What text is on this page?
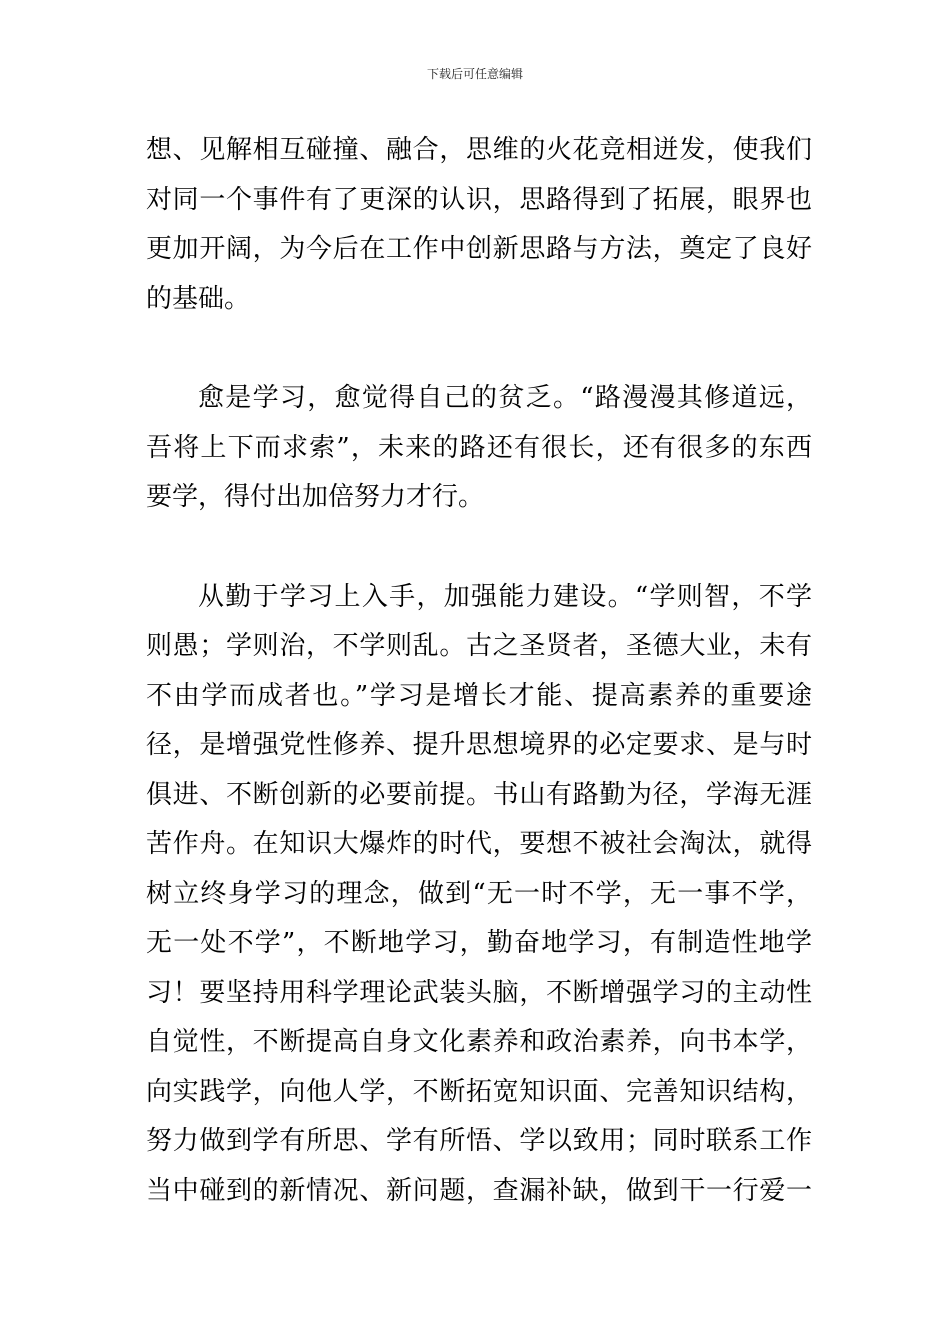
下载后可任意编辑
想、见解相互碰撞、融合，思维的火花竞相迸发，使我们
对同一个事件有了更深的认识，思路得到了拓展，眼界也
更加开阔，为今后在工作中创新思路与方法，奠定了良好
的基础。
愈是学习，愈觉得自己的贫乏。“路漫漫其修道远，
吾将上下而求索”，未来的路还有很长，还有很多的东西
要学，得付出加倍努力才行。
从勤于学习上入手，加强能力建设。“学则智，不学
则愚；学则治，不学则乱。古之圣贤者，圣德大业，未有
不由学而成者也。”学习是增长才能、提高素养的重要途
径，是增强党性修养、提升思想境界的必定要求、是与时
俱进、不断创新的必要前提。书山有路勤为径，学海无涯
苦作舟。在知识大爆炸的时代，要想不被社会淘汰，就得
树立终身学习的理念，做到“无一时不学，无一事不学，
无一处不学”，不断地学习，勤奋地学习，有制造性地学
习！要坚持用科学理论武装头脑，不断增强学习的主动性
自觉性，不断提高自身文化素养和政治素养，向书本学，
向实践学，向他人学，不断拓宽知识面、完善知识结构，
努力做到学有所思、学有所悟、学以致用；同时联系工作
当中碰到的新情况、新问题，查漏补缺，做到干一行爱一
